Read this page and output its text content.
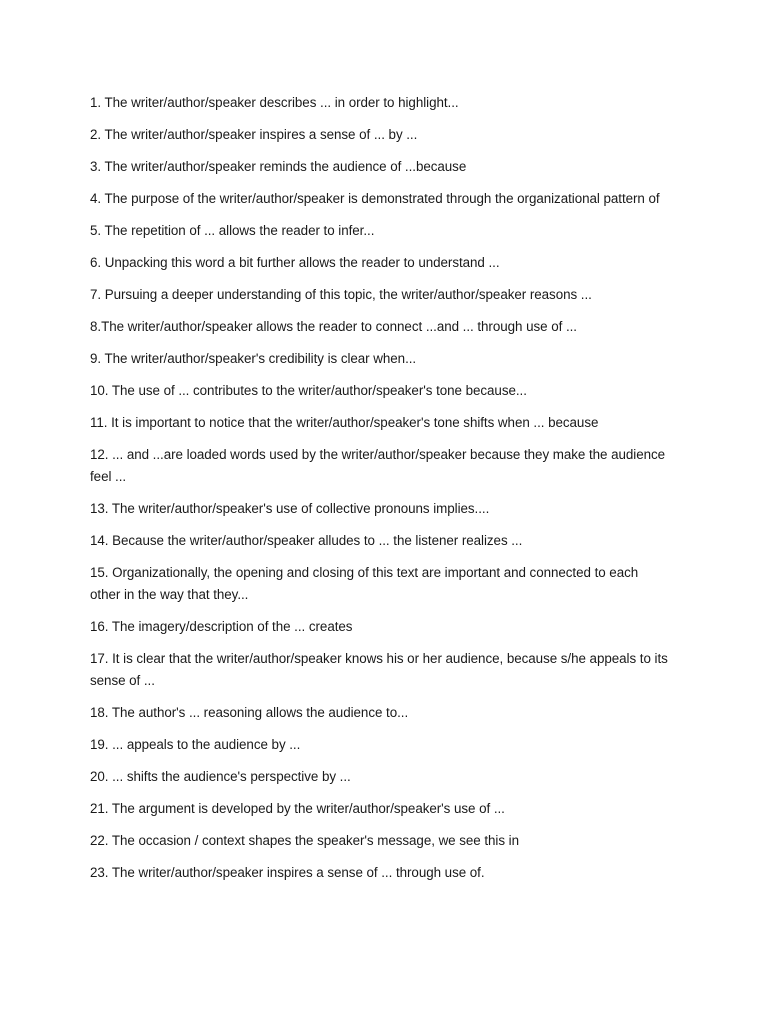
1. The writer/author/speaker describes ... in order to highlight...

2. The writer/author/speaker inspires a sense of ... by ...

3. The writer/author/speaker reminds the audience of ...because

4. The purpose of the writer/author/speaker is demonstrated through the organizational pattern of

5. The repetition of ... allows the reader to infer...

6. Unpacking this word a bit further allows the reader to understand ...

7. Pursuing a deeper understanding of this topic, the writer/author/speaker reasons ...

8.The writer/author/speaker allows the reader to connect ...and ... through use of ...

9. The writer/author/speaker's credibility is clear when...

10. The use of ... contributes to the writer/author/speaker's tone because...

11. It is important to notice that the writer/author/speaker's tone shifts when ... because

12. ... and ...are loaded words used by the writer/author/speaker because they make the audience feel ...

13. The writer/author/speaker's use of collective pronouns implies....

14. Because the writer/author/speaker alludes to ... the listener realizes ...

15. Organizationally, the opening and closing of this text are important and connected to each other in the way that they...

16. The imagery/description of the ... creates

17. It is clear that the writer/author/speaker knows his or her audience, because s/he appeals to its sense of ...

18. The author's ... reasoning allows the audience to...

19. ... appeals to the audience by ...

20. ... shifts the audience's perspective by ...

21. The argument is developed by the writer/author/speaker's use of ...

22. The occasion / context shapes the speaker's message, we see this in

23. The writer/author/speaker inspires a sense of ... through use of.
